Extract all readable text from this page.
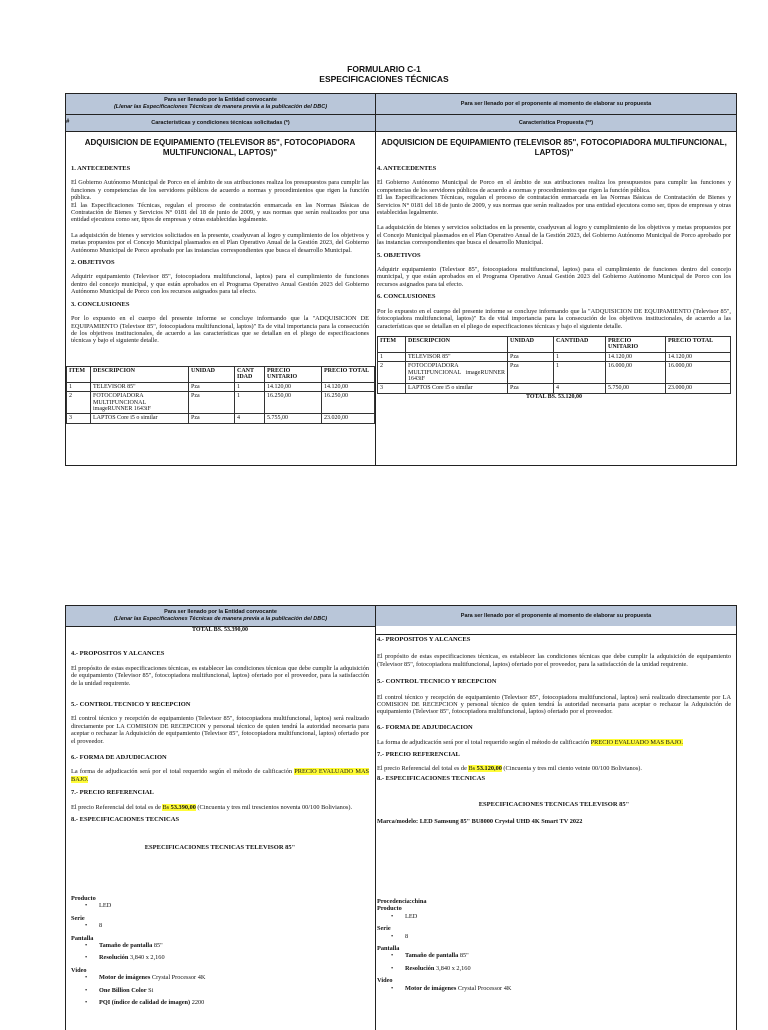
FORMULARIO C-1
ESPECIFICACIONES TÉCNICAS
Para ser llenado por la Entidad convocante
(Llenar las Especificaciones Técnicas de manera previa a la publicación del DBC)	Para ser llenado por el proponente al momento de elaborar su propuesta
Características y condiciones técnicas solicitadas (*)	Característica Propuesta (**)
#

ADQUISICION DE EQUIPAMIENTO (TELEVISOR 85", FOTOCOPIADORA MULTIFUNCIONAL, LAPTOS)"

1. ANTECEDENTES

El Gobierno Autónomo Municipal de Porco en el ámbito de sus atribuciones realiza los presupuestos para cumplir las funciones y competencias de los servidores públicos de acuerdo a normas y procedimientos que rigen la función pública.

El las Especificaciones Técnicas, regulan el proceso de contratación enmarcada en las Normas Básicas de Contratación de Bienes y Servicios N° 0181 del 18 de junio de 2009, y sus normas que serán realizados por una entidad ejecutora como ser, tipos de empresas y otras establecidas legalmente.

La adquisición de bienes y servicios solicitados en la presente, coadyuvan al logro y cumplimiento de los objetivos y metas propuestos por el Concejo Municipal plasmados en el Plan Operativo Anual de la Gestión 2023, del Gobierno Autónomo Municipal de Porco aprobado por las instancias correspondientes que busca el desarrollo Municipal.

2. OBJETIVOS

Adquirir equipamiento (Televisor 85", fotocopiadora multifuncional, laptos) para el cumplimiento de funciones dentro del concejo municipal, y que están aprobados en el Programa Operativo Anual Gestión 2023 del Gobierno Autónomo Municipal de Porco con los recursos asignados para tal efecto.

3. CONCLUSIONES

Por lo expuesto en el cuerpo del presente informe se concluye informando que la "ADQUISICION DE EQUIPAMIENTO (Televisor 85", fotocopiadora multifuncional, laptos)" Es de vital importancia para la consecución de los objetivos institucionales, de acuerdo a las características que se detallan en el pliego de especificaciones técnicas y bajo el siguiente detalle.

ITEM	DESCRIPCION	UNIDAD	CANT IDAD	PRECIO UNITARIO	PRECIO TOTAL
1	TELEVISOR 85"	Pza	1	14.120,00	14.120,00
2	FOTOCOPIADORA MULTIFUNCIONAL imageRUNNER 1643iF	Pza	1	16.250,00	16.250,00
3	LAPTOS Core i5 o similar	Pza	4	5.755,00	23.020,00

ADQUISICION DE EQUIPAMIENTO (TELEVISOR 85", FOTOCOPIADORA MULTIFUNCIONAL, LAPTOS)"

4. ANTECEDENTES

El Gobierno Autónomo Municipal de Porco en el ámbito de sus atribuciones realiza los presupuestos para cumplir las funciones y competencias de los servidores públicos de acuerdo a normas y procedimientos que rigen la función pública.

El las Especificaciones Técnicas, regulan el proceso de contratación enmarcada en las Normas Básicas de Contratación de Bienes y Servicios N° 0181 del 18 de junio de 2009, y sus normas que serán realizados por una entidad ejecutora como ser, tipos de empresas y otras establecidas legalmente.

La adquisición de bienes y servicios solicitados en la presente, coadyuvan al logro y cumplimiento de los objetivos y metas propuestos por el Concejo Municipal plasmados en el Plan Operativo Anual de la Gestión 2023, del Gobierno Autónomo Municipal de Porco aprobado por las instancias correspondientes que busca el desarrollo Municipal.

5. OBJETIVOS

Adquirir equipamiento (Televisor 85", fotocopiadora multifuncional, laptos) para el cumplimiento de funciones dentro del concejo municipal, y que están aprobados en el Programa Operativo Anual Gestión 2023 del Gobierno Autónomo Municipal de Porco con los recursos asignados para tal efecto.

6. CONCLUSIONES

Por lo expuesto en el cuerpo del presente informe se concluye informando que la "ADQUISICION DE EQUIPAMIENTO (Televisor 85", fotocopiadora multifuncional, laptos)" Es de vital importancia para la consecución de los objetivos institucionales, de acuerdo a las características que se detallan en el pliego de especificaciones técnicas y bajo el siguiente detalle.

ITEM	DESCRIPCION	UNIDAD	CANTIDAD	PRECIO UNITARIO	PRECIO TOTAL
1	TELEVISOR 85"	Pza	1	14.120,00	14.120,00
2	FOTOCOPIADORA MULTIFUNCIONAL imageRUNNER 1643iF	Pza	1	16.000,00	16.000,00
3	LAPTOS Core i5 o similar	Pza	4	5.750,00	23.000,00
TOTAL BS. 53.120,00
Para ser llenado por la Entidad convocante
(Llenar las Especificaciones Técnicas de manera previa a la publicación del DBC)	Para ser llenado por el proponente al momento de elaborar su propuesta
TOTAL BS. 53.390,00

4.- PROPOSITOS Y ALCANCES

El propósito de estas especificaciones técnicas, es establecer las condiciones técnicas que debe cumplir la adquisición de equipamiento (Televisor 85", fotocopiadora multifuncional, laptos) ofertado por el proveedor, para la satisfacción de la unidad requirente.

5.- CONTROL TECNICO Y RECEPCION

El control técnico y recepción de equipamiento (Televisor 85", fotocopiadora multifuncional, laptos) será realizado directamente por LA COMISION DE RECEPCION y personal técnico de quien tendrá la autoridad necesaria para aceptar o rechazar la Adquisición de equipamiento (Televisor 85", fotocopiadora multifuncional, laptos) ofertado por el proveedor.

6.- FORMA DE ADJUDICACION

La forma de adjudicación será por el total requerido según el método de calificación PRECIO EVALUADO MAS BAJO.

7.- PRECIO REFERENCIAL

El precio Referencial del total es de Bs 53.390,00 (Cincuenta y tres mil trescientos noventa 00/100 Bolivianos).

8.- ESPECIFICACIONES TECNICAS

ESPECIFICACIONES TECNICAS TELEVISOR 85"

Producto

• LED

Serie

• 8

Pantalla

• Tamaño de pantalla 85"
• Resolución 3,840 x 2,160

Video

• Motor de imágenes Crystal Processor 4K
• One Billion Color Si
• PQI (índice de calidad de imagen) 2200

4.- PROPOSITOS Y ALCANCES

El propósito de estas especificaciones técnicas, es establecer las condiciones técnicas que debe cumplir la adquisición de equipamiento (Televisor 85", fotocopiadora multifuncional, laptos) ofertado por el proveedor, para la satisfacción de la unidad requirente.

5.- CONTROL TECNICO Y RECEPCION

El control técnico y recepción de equipamiento (Televisor 85", fotocopiadora multifuncional, laptos) será realizado directamente por LA COMISION DE RECEPCION y personal técnico de quien tendrá la autoridad necesaria para aceptar o rechazar la Adquisición de equipamiento (Televisor 85", fotocopiadora multifuncional, laptos) ofertado por el proveedor.

6.- FORMA DE ADJUDICACION

La forma de adjudicación será por el total requerido según el método de calificación PRECIO EVALUADO MAS BAJO.

7.- PRECIO REFERENCIAL

El precio Referencial del total es de Bs 53.120,00 (Cincuenta y tres mil ciento veinte 00/100 Bolivianos).

8.- ESPECIFICACIONES TECNICAS

ESPECIFICACIONES TECNICAS TELEVISOR 85"

Marca/modelo: LED Samsung 85" BU8000 Crystal UHD 4K Smart TV 2022

Procedencia:china

Producto

• LED

Serie

• 8

Pantalla

• Tamaño de pantalla 85"
• Resolución 3,840 x 2,160

Video

• Motor de imágenes Crystal Processor 4K
